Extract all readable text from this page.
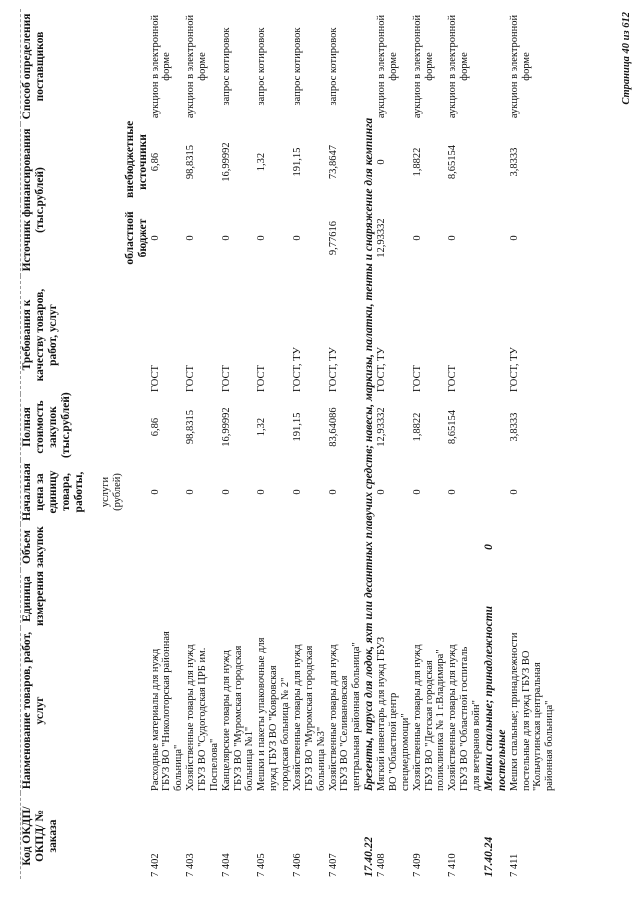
Код ОКДП/ ОКПД/ № заказа	Наименование товаров, работ, услуг	Единица измерения	Объем закупок	Начальная цена за единицу товара, работы, услуги (рублей)	Полная стоимость закупок (тыс.рублей)	Требования к качеству товаров, работ, услуг	Источник финансирования (тыс.рублей)		Способ определения поставщиков
							областной бюджет	внебюджетные источники	
7 402	Расходные материалы для нужд ГБУЗ ВО "Николоторская районная больница"			0	6,86	ГОСТ	0	6,86	аукцион в электронной форме
7 403	Хозяйственные товары для нужд ГБУЗ ВО "Судогодская ЦРБ им. Поспелова"			0	98,8315	ГОСТ	0	98,8315	аукцион в электронной форме
7 404	Канцелярские товары для нужд ГБУЗ ВО "Муромская городская больница №1"			0	16,99992	ГОСТ	0	16,99992	запрос котировок
7 405	Мешки и пакеты упаковочные для нужд ГБУЗ ВО "Ковровская городская больница № 2"			0	1,32	ГОСТ	0	1,32	запрос котировок
7 406	Хозяйственные товары для нужд ГБУЗ ВО "Муромская городская больница №3"			0	191,15	ГОСТ, ТУ	0	191,15	запрос котировок
7 407	Хозяйственные товары для нужд ГБУЗ ВО "Селивановская центральная районная больница"			0	83,64086	ГОСТ, ТУ	9,77616	73,8647	запрос котировок
17.40.22	Брезенты, паруса для лодок, яхт или десантных плавучих средств; навесы, маркизы, палатки, тенты и снаряжение для кемпинга								
7 408	Мягкий инвентарь для нужд ГБУЗ ВО "Областной центр спецмедпомощи"			0	12,93332	ГОСТ, ТУ	12,93332	0	аукцион в электронной форме
7 409	Хозяйственные товары для нужд ГБУЗ ВО "Детская городская поликлиника № 1 г.Владимира"			0	1,8822	ГОСТ	0	1,8822	аукцион в электронной форме
7 410	Хозяйственные товары для нужд ГБУЗ ВО "Областной госпиталь для ветеранов войн"			0	8,65154	ГОСТ	0	8,65154	аукцион в электронной форме
17.40.24	Мешки спальные; принадлежности постельные		0						
7 411	Мешки спальные; принадлежности постельные для нужд ГБУЗ ВО "Кольчугинская центральная районная больница"			0	3,8333	ГОСТ, ТУ	0	3,8333	аукцион в электронной форме	Страница 40 из 612
